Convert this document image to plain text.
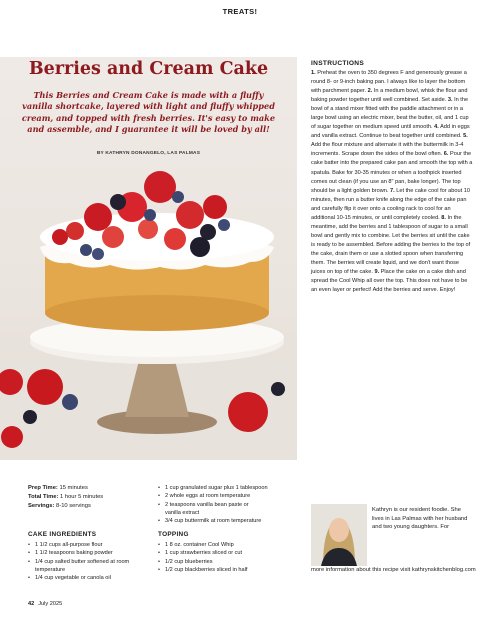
TREATS!
Berries and Cream Cake
This Berries and Cream Cake is made with a fluffy vanilla shortcake, layered with light and fluffy whipped cream, and topped with fresh berries. It's easy to make and assemble, and I guarantee it will be loved by all!
BY KATHRYN DONANGELO, LAS PALMAS
INSTRUCTIONS
1. Preheat the oven to 350 degrees F and generously grease a round 8- or 9-inch baking pan. I always like to layer the bottom with parchment paper. 2. In a medium bowl, whisk the flour and baking powder together until well combined. Set aside. 3. In the bowl of a stand mixer fitted with the paddle attachment or in a large bowl using an electric mixer, beat the butter, oil, and 1 cup of sugar together on medium speed until smooth. 4. Add in eggs and vanilla extract. Continue to beat together until combined. 5. Add the flour mixture and alternate it with the buttermilk in 3-4 increments. Scrape down the sides of the bowl often. 6. Pour the cake batter into the prepared cake pan and smooth the top with a spatula. Bake for 30-35 minutes or when a toothpick inserted comes out clean (if you use an 8" pan, bake longer). The top should be a light golden brown. 7. Let the cake cool for about 10 minutes, then run a butter knife along the edge of the cake pan and carefully flip it over onto a cooling rack to cool for an additional 10-15 minutes, or until completely cooled. 8. In the meantime, add the berries and 1 tablespoon of sugar to a small bowl and gently mix to combine. Let the berries sit until the cake is ready to be assembled. Before adding the berries to the top of the cake, drain them or use a slotted spoon when transferring them. The berries will create liquid, and we don't want those juices on top of the cake. 9. Place the cake on a cake dish and spread the Cool Whip all over the top. This does not have to be an even layer or perfect! Add the berries and serve. Enjoy!
Prep Time: 15 minutes
Total Time: 1 hour 5 minutes
Servings: 8-10 servings
CAKE INGREDIENTS
• 1 1/2 cups all-purpose flour
• 1 1/2 teaspoons baking powder
• 1/4 cup salted butter softened at room temperature
• 1/4 cup vegetable or canola oil
• 1 cup granulated sugar plus 1 tablespoon
• 2 whole eggs at room temperature
• 2 teaspoons vanilla bean paste or vanilla extract
• 3/4 cup buttermilk at room temperature
TOPPING
• 1 8 oz. container Cool Whip
• 1 cup strawberries sliced or cut
• 1/2 cup blueberries
• 1/2 cup blackberries sliced in half
Kathryn is our resident foodie. She lives in Las Palmas with her husband and two young daughters. For
more information about this recipe visit kathrynskitchenblog.com
42 July 2025
